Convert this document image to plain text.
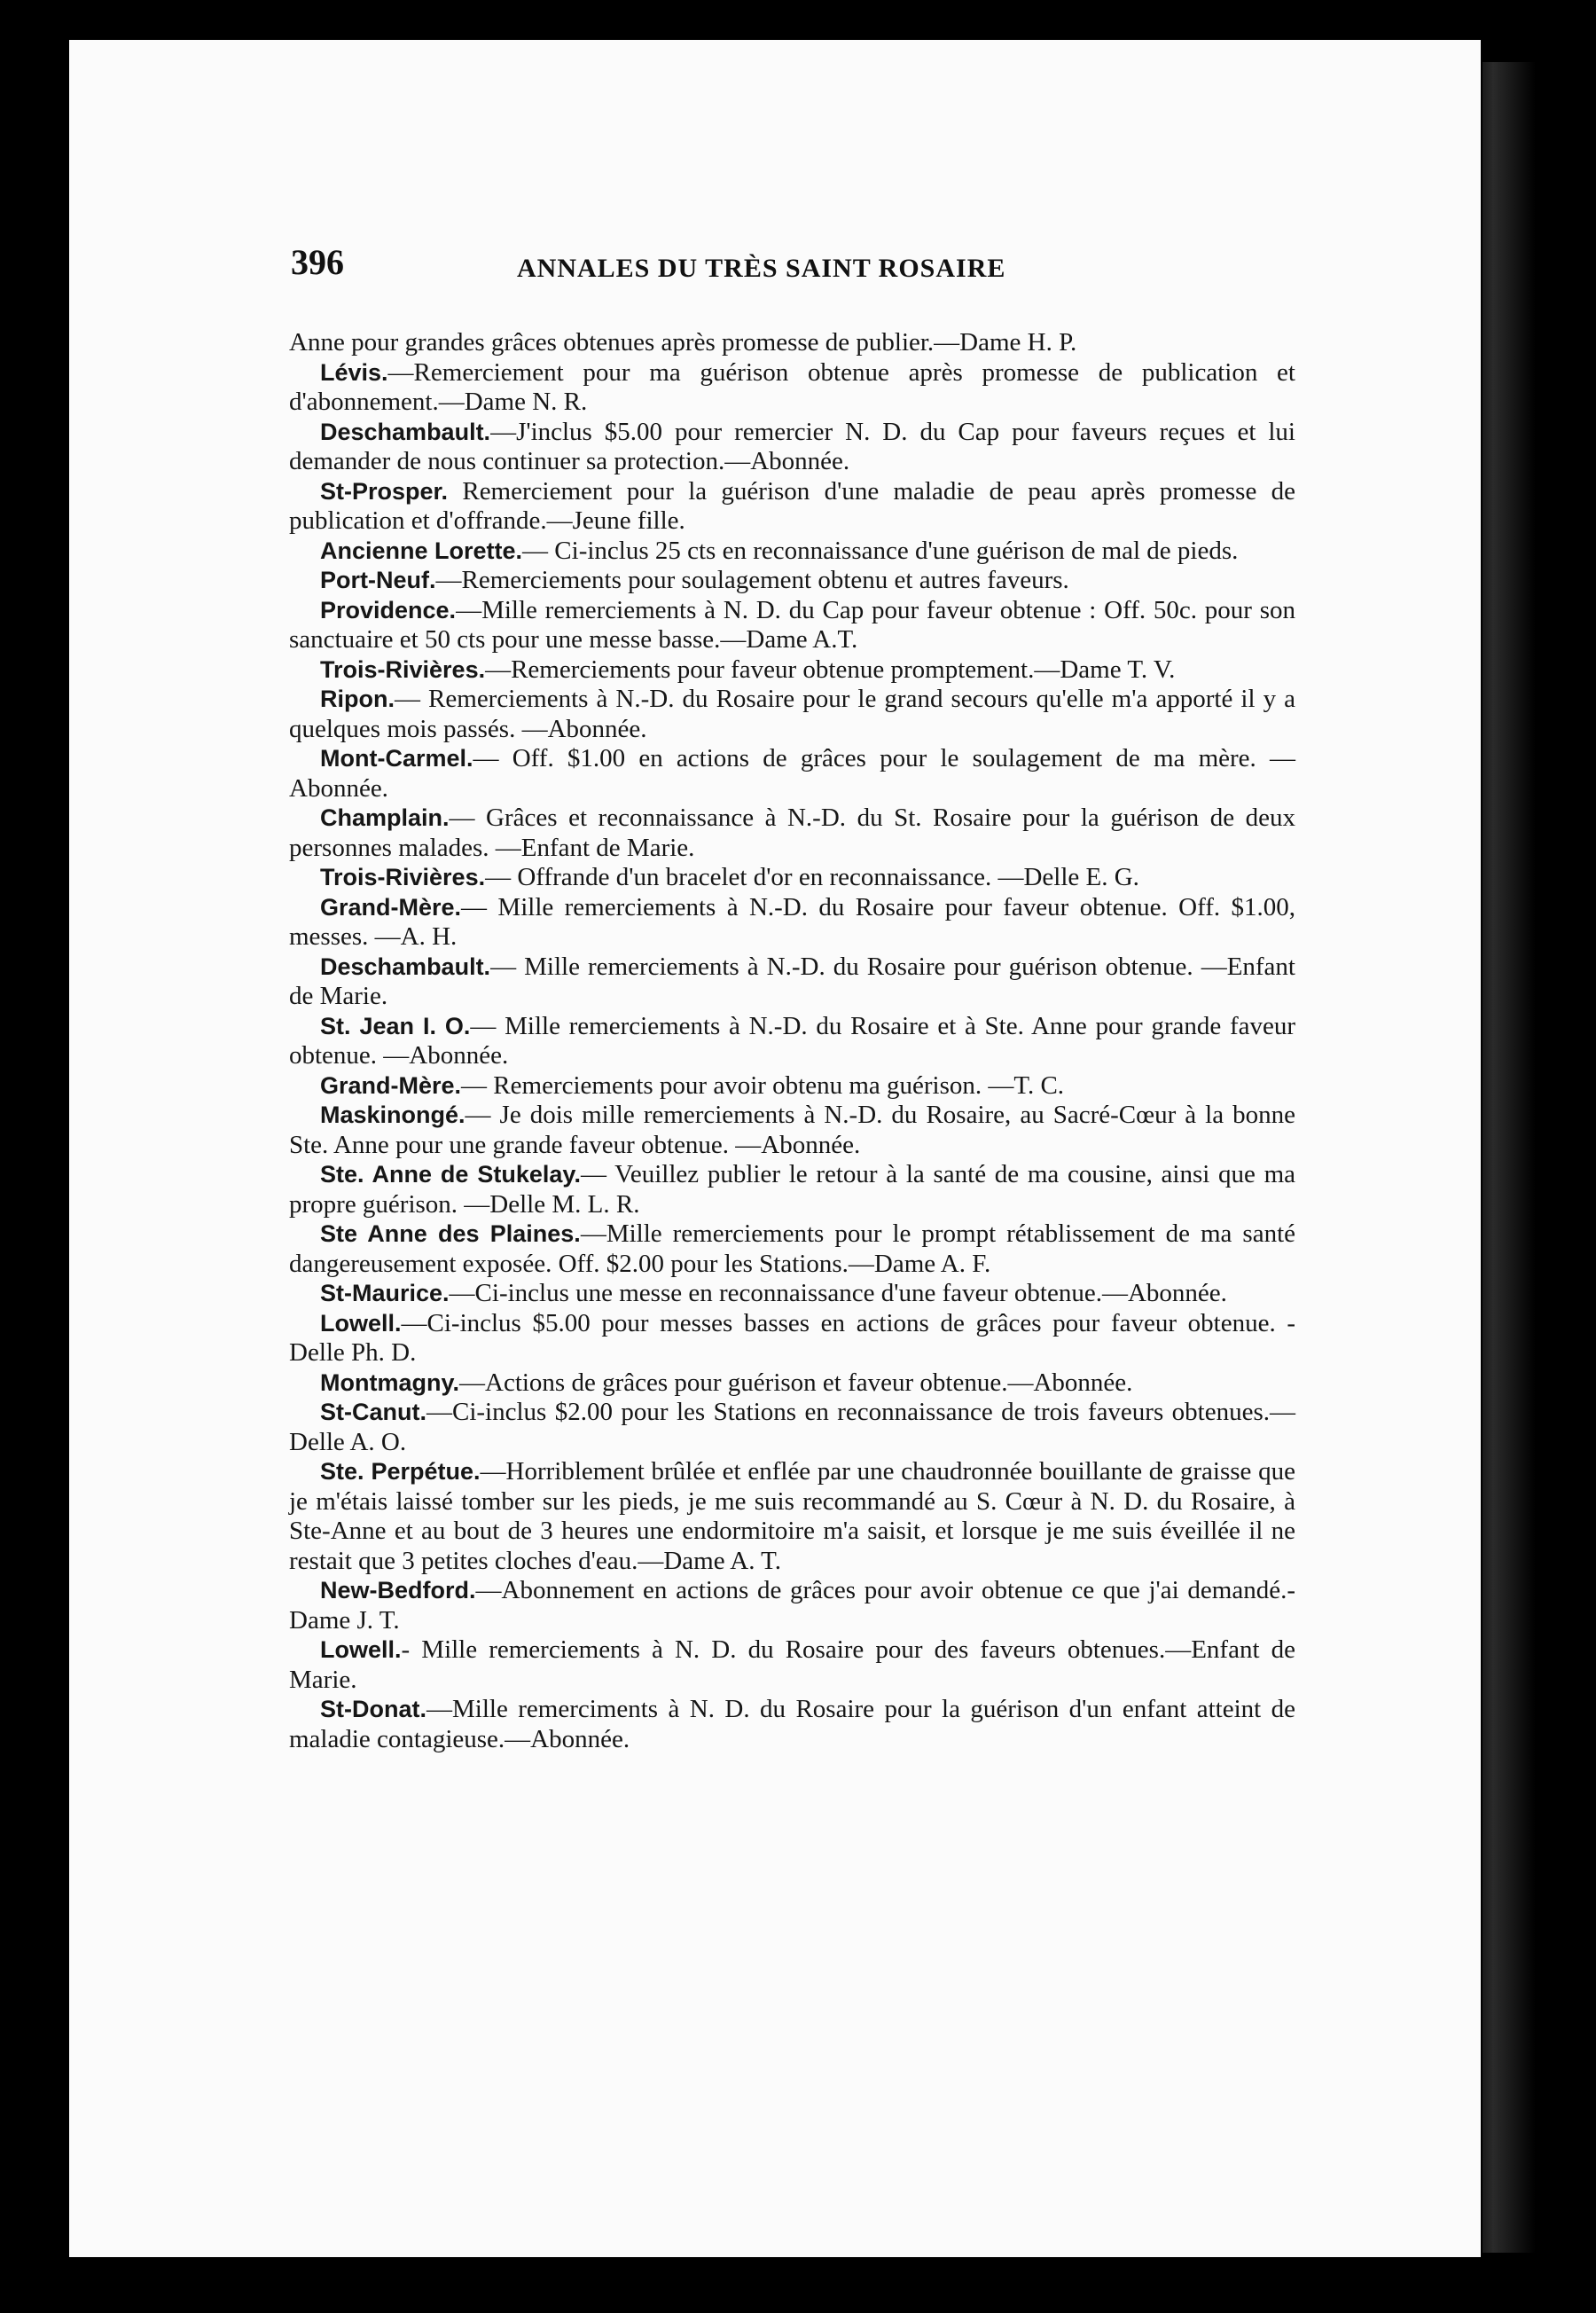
396	ANNALES DU TRÈS SAINT ROSAIRE

Anne pour grandes grâces obtenues après promesse de publier.—Dame H. P.

Lévis.—Remerciement pour ma guérison obtenue après promesse de publication et d'abonnement.—Dame N. R.

Deschambault.—J'inclus $5.00 pour remercier N. D. du Cap pour faveurs reçues et lui demander de nous continuer sa protection.—Abonnée.

St-Prosper. Remerciement pour la guérison d'une maladie de peau après promesse de publication et d'offrande.—Jeune fille.

Ancienne Lorette.— Ci-inclus 25 cts en reconnaissance d'une guérison de mal de pieds.

Port-Neuf.—Remerciements pour soulagement obtenu et autres faveurs.

Providence.—Mille remerciements à N. D. du Cap pour faveur obtenue : Off. 50c. pour son sanctuaire et 50 cts pour une messe basse.—Dame A.T.

Trois-Rivières.—Remerciements pour faveur obtenue promptement.—Dame T. V.

Ripon.— Remerciements à N.-D. du Rosaire pour le grand secours qu'elle m'a apporté il y a quelques mois passés. —Abonnée.

Mont-Carmel.— Off. $1.00 en actions de grâces pour le soulagement de ma mère. —Abonnée.

Champlain.— Grâces et reconnaissance à N.-D. du St. Rosaire pour la guérison de deux personnes malades. —Enfant de Marie.

Trois-Rivières.— Offrande d'un bracelet d'or en reconnaissance. —Delle E. G.

Grand-Mère.— Mille remerciements à N.-D. du Rosaire pour faveur obtenue. Off. $1.00, messes. —A. H.

Deschambault.— Mille remerciements à N.-D. du Rosaire pour guérison obtenue. —Enfant de Marie.

St. Jean I. O.— Mille remerciements à N.-D. du Rosaire et à Ste. Anne pour grande faveur obtenue. —Abonnée.

Grand-Mère.— Remerciements pour avoir obtenu ma guérison. —T. C.

Maskinongé.— Je dois mille remerciements à N.-D. du Rosaire, au Sacré-Cœur à la bonne Ste. Anne pour une grande faveur obtenue. —Abonnée.

Ste. Anne de Stukelay.— Veuillez publier le retour à la santé de ma cousine, ainsi que ma propre guérison. —Delle M. L. R.

Ste Anne des Plaines.—Mille remerciements pour le prompt rétablissement de ma santé dangereusement exposée. Off. $2.00 pour les Stations.—Dame A. F.

St-Maurice.—Ci-inclus une messe en reconnaissance d'une faveur obtenue.—Abonnée.

Lowell.—Ci-inclus $5.00 pour messes basses en actions de grâces pour faveur obtenue. - Delle Ph. D.

Montmagny.—Actions de grâces pour guérison et faveur obtenue.—Abonnée.

St-Canut.—Ci-inclus $2.00 pour les Stations en reconnaissance de trois faveurs obtenues.—Delle A. O.

Ste. Perpétue.—Horriblement brûlée et enflée par une chaudronnée bouillante de graisse que je m'étais laissé tomber sur les pieds, je me suis recommandé au S. Cœur à N. D. du Rosaire, à Ste-Anne et au bout de 3 heures une endormitoire m'a saisit, et lorsque je me suis éveillée il ne restait que 3 petites cloches d'eau.—Dame A. T.

New-Bedford.—Abonnement en actions de grâces pour avoir obtenue ce que j'ai demandé.- Dame J. T.

Lowell.- Mille remerciements à N. D. du Rosaire pour des faveurs obtenues.—Enfant de Marie.

St-Donat.—Mille remerciments à N. D. du Rosaire pour la guérison d'un enfant atteint de maladie contagieuse.—Abonnée.
